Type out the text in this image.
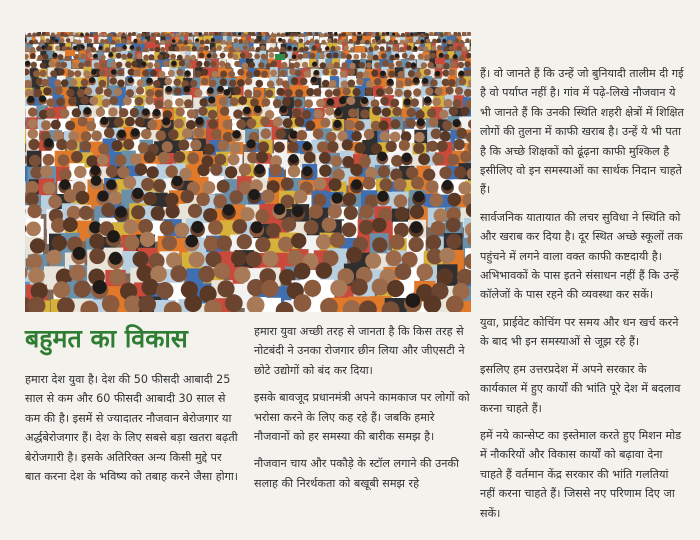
बहुमत का विकास

हमारा देश युवा है। देश की 50 फीसदी आबादी 25 साल से कम और 60 फीसदी आबादी 30 साल से कम की है। इसमें से ज्यादातर नौजवान बेरोजगार या अर्द्धबेरोजगार हैं। देश के लिए सबसे बड़ा खतरा बढ़ती बेरोजगारी है। इसके अतिरिक्त अन्य किसी मुद्दे पर बात करना देश के भविष्य को तबाह करने जैसा होगा।

हमारा युवा अच्छी तरह से जानता है कि किस तरह से नोटबंदी ने उनका रोजगार छीन लिया और जीएसटी ने छोटे उद्योगों को बंद कर दिया।

इसके बावजूद प्रधानमंत्री अपने कामकाज पर लोगों को भरोसा करने के लिए कह रहे हैं। जबकि हमारे नौजवानों को हर समस्या की बारीक समझ है।

नौजवान चाय और पकौड़े के स्टॉल लगाने की उनकी सलाह की निरर्थकता को बखूबी समझ रहे

हैं। वो जानते हैं कि उन्हें जो बुनियादी तालीम दी गई है वो पर्याप्त नहीं है। गांव में पढ़े-लिखे नौजवान ये भी जानते हैं कि उनकी स्थिति शहरी क्षेत्रों में शिक्षित लोगों की तुलना में काफी खराब है। उन्हें ये भी पता है कि अच्छे शिक्षकों को ढूंढ़ना काफी मुश्किल है इसीलिए वो इन समस्याओं का सार्थक निदान चाहते हैं।

सार्वजनिक यातायात की लचर सुविधा ने स्थिति को और खराब कर दिया है। दूर स्थित अच्छे स्कूलों तक पहुंचने में लगने वाला वक्त काफी कष्टदायी है। अभिभावकों के पास इतने संसाधन नहीं हैं कि उन्हें कॉलेजों के पास रहने की व्यवस्था कर सकें।

युवा, प्राईवेट कोचिंग पर समय और धन खर्च करने के बाद भी इन समस्याओं से जूझ रहे हैं।

इसलिए हम उत्तरप्रदेश में अपने सरकार के कार्यकाल में हुए कार्यों की भांति पूरे देश में बदलाव करना चाहते हैं।

हमें नये कान्सेप्ट का इस्तेमाल करते हुए मिशन मोड में नौकरियों और विकास कार्यों को बढ़ावा देना चाहते हैं वर्तमान केंद्र सरकार की भांति गलतियां नहीं करना चाहते हैं। जिससे नए परिणाम दिए जा सकें।
